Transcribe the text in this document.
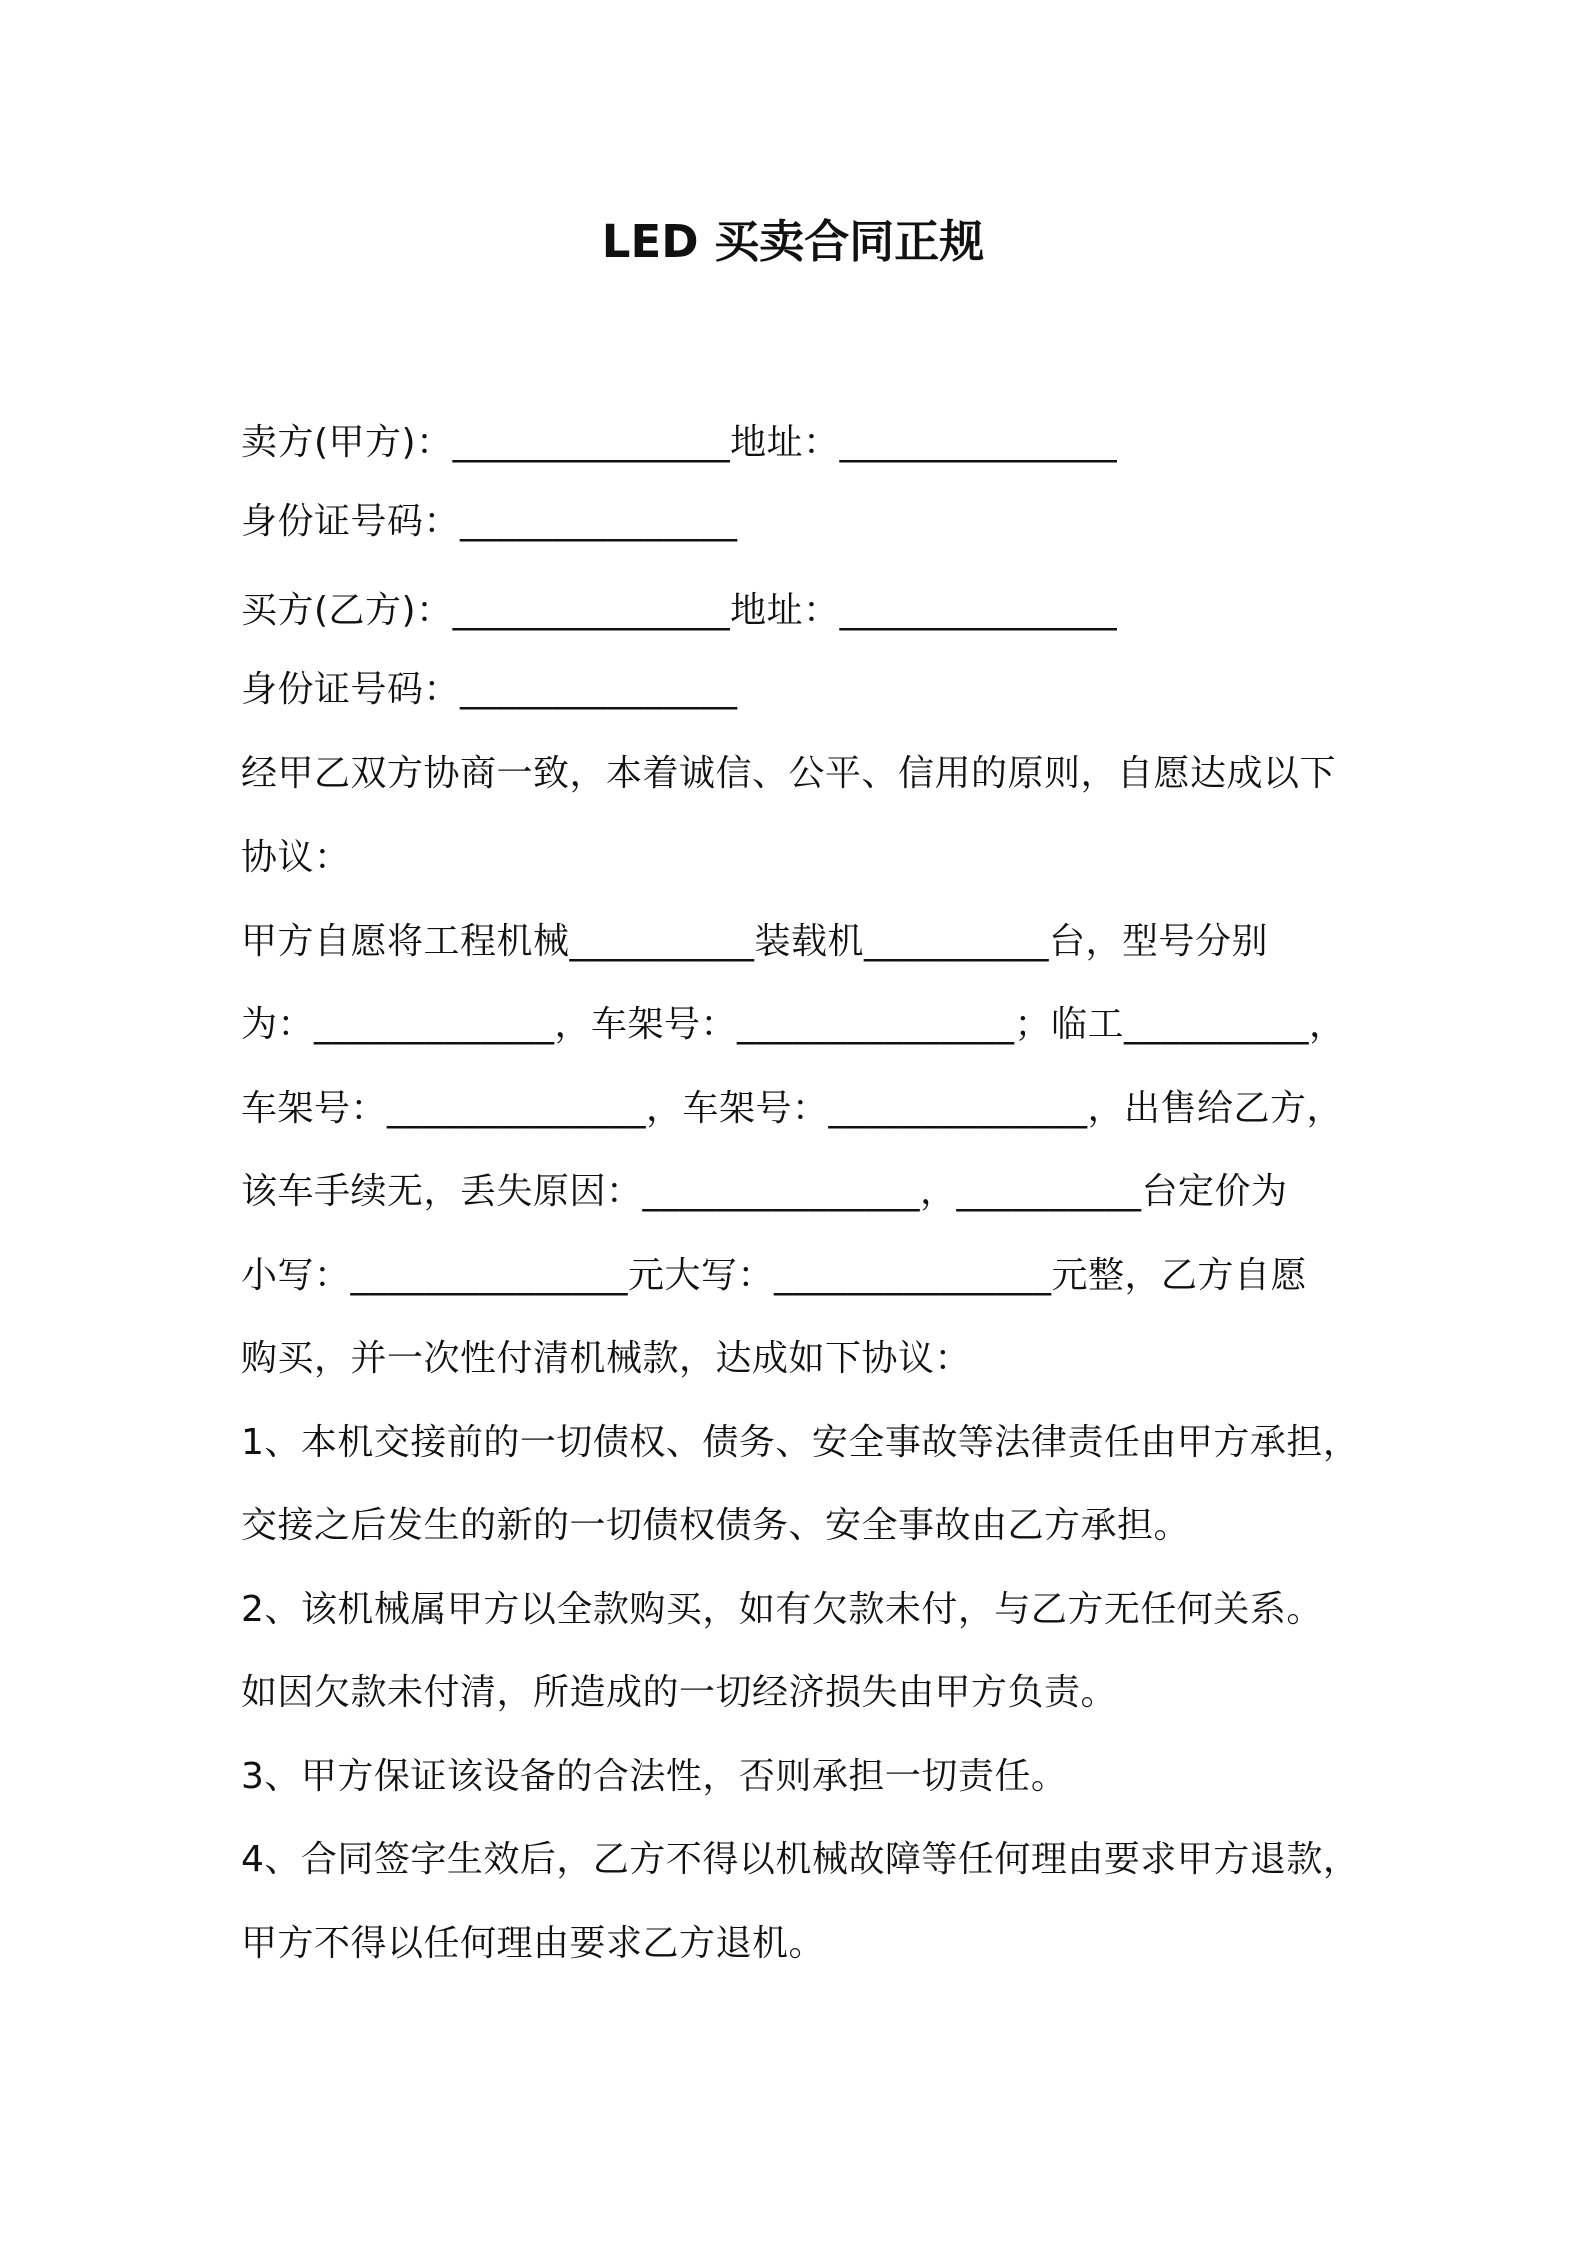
LED 买卖合同正规

卖方(甲方)：_______________地址：_______________

身份证号码：_______________

买方(乙方)：_______________地址：_______________

身份证号码：_______________

经甲乙双方协商一致，本着诚信、公平、信用的原则，自愿达成以下

协议：

甲方自愿将工程机械__________装载机__________台，型号分别

为：_____________，车架号：_______________；临工__________，

车架号：______________，车架号：______________，出售给乙方，

该车手续无，丢失原因：_______________，__________台定价为

小写：_______________元大写：_______________元整，乙方自愿

购买，并一次性付清机械款，达成如下协议：

1、本机交接前的一切债权、债务、安全事故等法律责任由甲方承担，

交接之后发生的新的一切债权债务、安全事故由乙方承担。

2、该机械属甲方以全款购买，如有欠款未付，与乙方无任何关系。

如因欠款未付清，所造成的一切经济损失由甲方负责。

3、甲方保证该设备的合法性，否则承担一切责任。

4、合同签字生效后，乙方不得以机械故障等任何理由要求甲方退款，

甲方不得以任何理由要求乙方退机。
